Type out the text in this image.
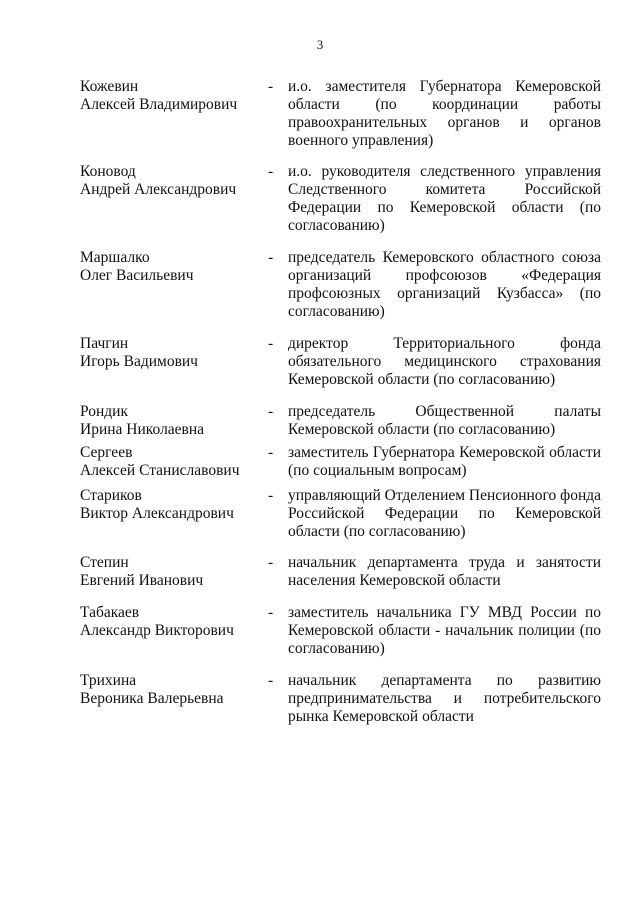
3
Кожевин
Алексей Владимирович
- и.о. заместителя Губернатора Кемеровской области (по координации работы правоохранительных органов и органов военного управления)
Коновод
Андрей Александрович
- и.о. руководителя следственного управления Следственного комитета Российской Федерации по Кемеровской области (по согласованию)
Маршалко
Олег Васильевич
- председатель Кемеровского областного союза организаций профсоюзов «Федерация профсоюзных организаций Кузбасса» (по согласованию)
Пачгин
Игорь Вадимович
- директор Территориального фонда обязательного медицинского страхования Кемеровской области (по согласованию)
Рондик
Ирина Николаевна
- председатель Общественной палаты Кемеровской области (по согласованию)
Сергеев
Алексей Станиславович
- заместитель Губернатора Кемеровской области (по социальным вопросам)
Стариков
Виктор Александрович
- управляющий Отделением Пенсионного фонда Российской Федерации по Кемеровской области (по согласованию)
Степин
Евгений Иванович
- начальник департамента труда и занятости населения Кемеровской области
Табакаев
Александр Викторович
- заместитель начальника ГУ МВД России по Кемеровской области - начальник полиции (по согласованию)
Трихина
Вероника Валерьевна
- начальник департамента по развитию предпринимательства и потребительского рынка Кемеровской области
